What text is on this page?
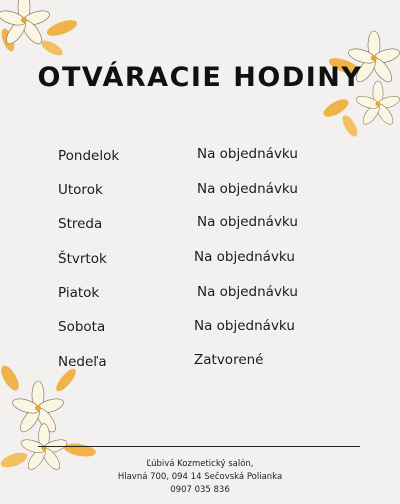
OTVÁRACIE HODINY
Pondelok	Na objednávku
Utorok	Na objednávku
Streda	Na objednávku
Štvrtok	Na objednávku
Piatok	Na objednávku
Sobota	Na objednávku
Nedeľa	Zatvorené
Ľúbivá Kozmetický salón,
Hlavná 700, 094 14 Sečovská Polianka
0907 035 836
